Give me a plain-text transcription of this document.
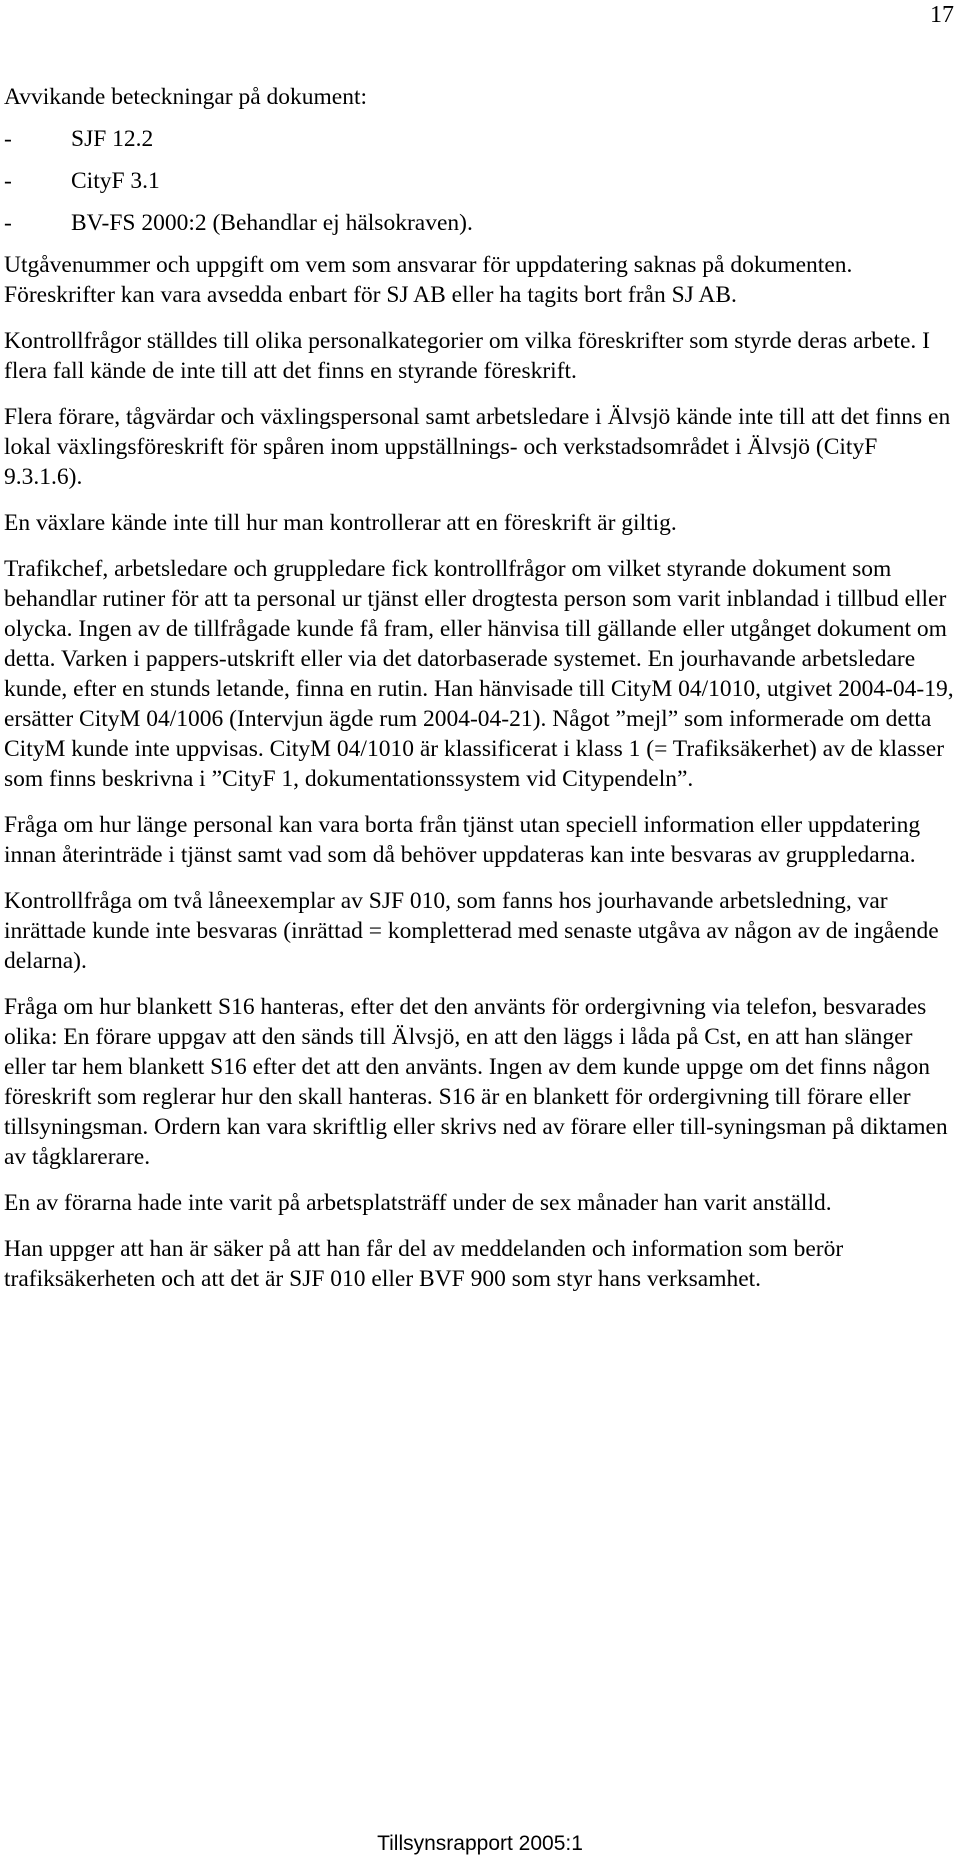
17
Avvikande beteckningar på dokument:
-	SJF 12.2
-	CityF 3.1
-	BV-FS 2000:2 (Behandlar ej hälsokraven).

Utgåvenummer och uppgift om vem som ansvarar för uppdatering saknas på dokumenten. Föreskrifter kan vara avsedda enbart för SJ AB eller ha tagits bort från SJ AB.

Kontrollfrågor ställdes till olika personalkategorier om vilka föreskrifter som styrde deras arbete. I flera fall kände de inte till att det finns en styrande föreskrift.

Flera förare, tågvärdar och växlingspersonal samt arbetsledare i Älvsjö kände inte till att det finns en lokal växlingsföreskrift för spåren inom uppställnings- och verkstadsområdet i Älvsjö (CityF 9.3.1.6).

En växlare kände inte till hur man kontrollerar att en föreskrift är giltig.

Trafikchef, arbetsledare och gruppledare fick kontrollfrågor om vilket styrande dokument som behandlar rutiner för att ta personal ur tjänst eller drogtesta person som varit inblandad i tillbud eller olycka. Ingen av de tillfrågade kunde få fram, eller hänvisa till gällande eller utgånget dokument om detta. Varken i pappers-utskrift eller via det datorbaserade systemet. En jourhavande arbetsledare kunde, efter en stunds letande, finna en rutin. Han hänvisade till CityM 04/1010, utgivet 2004-04-19, ersätter CityM 04/1006 (Intervjun ägde rum 2004-04-21). Något ”mejl” som informerade om detta CityM kunde inte uppvisas. CityM 04/1010 är klassificerat i klass 1 (= Trafiksäkerhet) av de klasser som finns beskrivna i ”CityF 1, dokumentationssystem vid Citypendeln”.

Fråga om hur länge personal kan vara borta från tjänst utan speciell information eller uppdatering innan återinträde i tjänst samt vad som då behöver uppdateras kan inte besvaras av gruppledarna.

Kontrollfråga om två låneexemplar av SJF 010, som fanns hos jourhavande arbetsledning, var inrättade kunde inte besvaras (inrättad = kompletterad med senaste utgåva av någon av de ingående delarna).

Fråga om hur blankett S16 hanteras, efter det den använts för ordergivning via telefon, besvarades olika: En förare uppgav att den sänds till Älvsjö, en att den läggs i låda på Cst, en att han slänger eller tar hem blankett S16 efter det att den använts. Ingen av dem kunde uppge om det finns någon föreskrift som reglerar hur den skall hanteras. S16 är en blankett för ordergivning till förare eller tillsyningsman. Ordern kan vara skriftlig eller skrivs ned av förare eller till-syningsman på diktamen av tågklarerare.

En av förarna hade inte varit på arbetsplatsträff under de sex månader han varit anställd.

Han uppger att han är säker på att han får del av meddelanden och information som berör trafiksäkerheten och att det är SJF 010 eller BVF 900 som styr hans verksamhet.

Tillsynsrapport 2005:1
